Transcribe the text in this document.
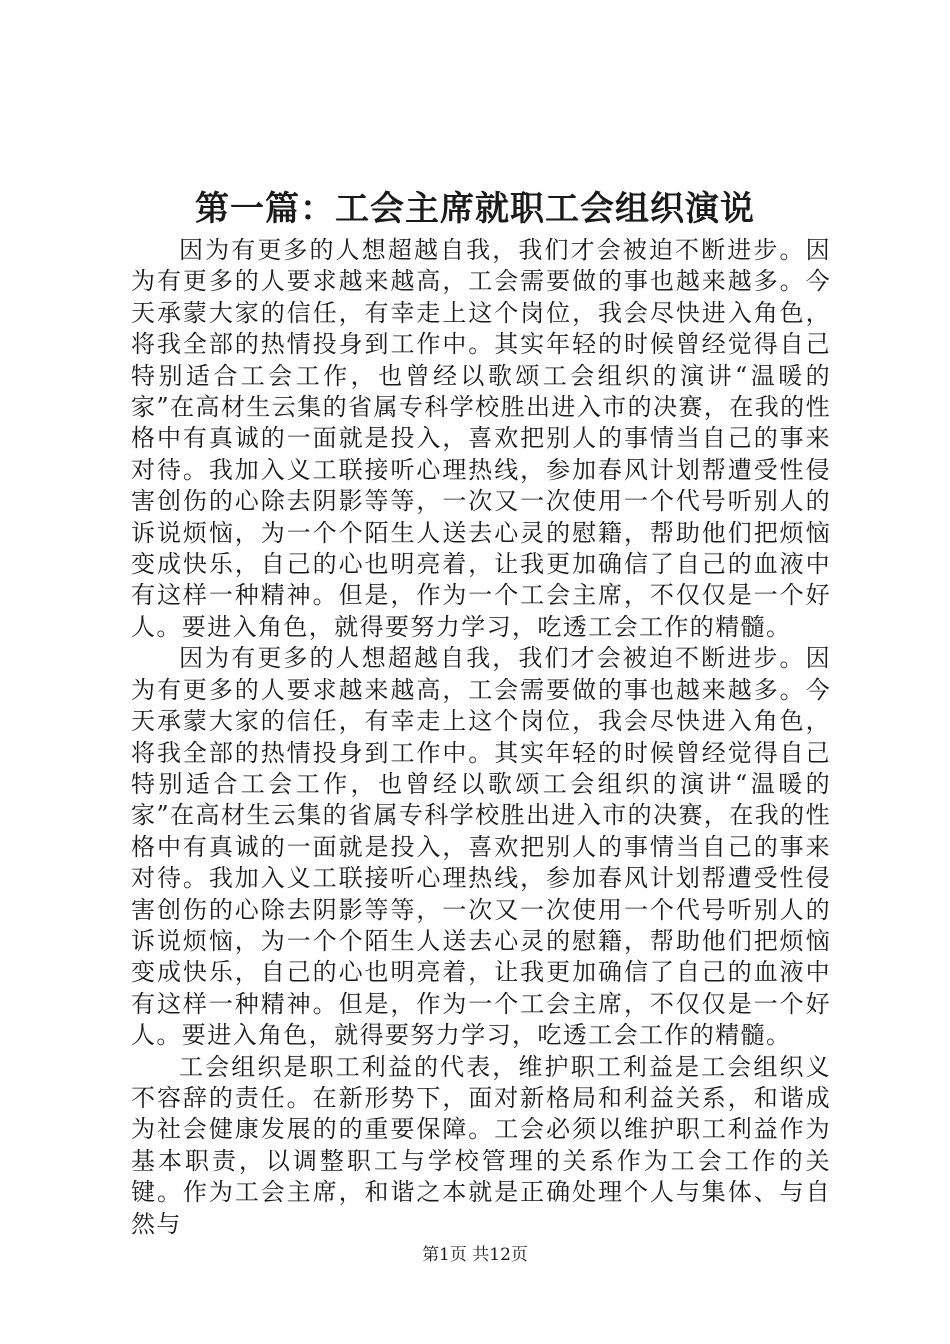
第一篇：工会主席就职工会组织演说

因为有更多的人想超越自我，我们才会被迫不断进步。因为有更多的人要求越来越高，工会需要做的事也越来越多。今天承蒙大家的信任，有幸走上这个岗位，我会尽快进入角色，将我全部的热情投身到工作中。其实年轻的时候曾经觉得自己特别适合工会工作，也曾经以歌颂工会组织的演讲“温暖的家”在高材生云集的省属专科学校胜出进入市的决赛，在我的性格中有真诚的一面就是投入，喜欢把别人的事情当自己的事来对待。我加入义工联接听心理热线，参加春风计划帮遭受性侵害创伤的心除去阴影等等，一次又一次使用一个代号听别人的诉说烦恼，为一个个陌生人送去心灵的慰籍，帮助他们把烦恼变成快乐，自己的心也明亮着，让我更加确信了自己的血液中有这样一种精神。但是，作为一个工会主席，不仅仅是一个好人。要进入角色，就得要努力学习，吃透工会工作的精髓。

因为有更多的人想超越自我，我们才会被迫不断进步。因为有更多的人要求越来越高，工会需要做的事也越来越多。今天承蒙大家的信任，有幸走上这个岗位，我会尽快进入角色，将我全部的热情投身到工作中。其实年轻的时候曾经觉得自己特别适合工会工作，也曾经以歌颂工会组织的演讲“温暖的家”在高材生云集的省属专科学校胜出进入市的决赛，在我的性格中有真诚的一面就是投入，喜欢把别人的事情当自己的事来对待。我加入义工联接听心理热线，参加春风计划帮遭受性侵害创伤的心除去阴影等等，一次又一次使用一个代号听别人的诉说烦恼，为一个个陌生人送去心灵的慰籍，帮助他们把烦恼变成快乐，自己的心也明亮着，让我更加确信了自己的血液中有这样一种精神。但是，作为一个工会主席，不仅仅是一个好人。要进入角色，就得要努力学习，吃透工会工作的精髓。

工会组织是职工利益的代表，维护职工利益是工会组织义不容辞的责任。在新形势下，面对新格局和利益关系，和谐成为社会健康发展的的重要保障。工会必须以维护职工利益作为基本职责，以调整职工与学校管理的关系作为工会工作的关键。作为工会主席，和谐之本就是正确处理个人与集体、与自然与

第1页 共12页
